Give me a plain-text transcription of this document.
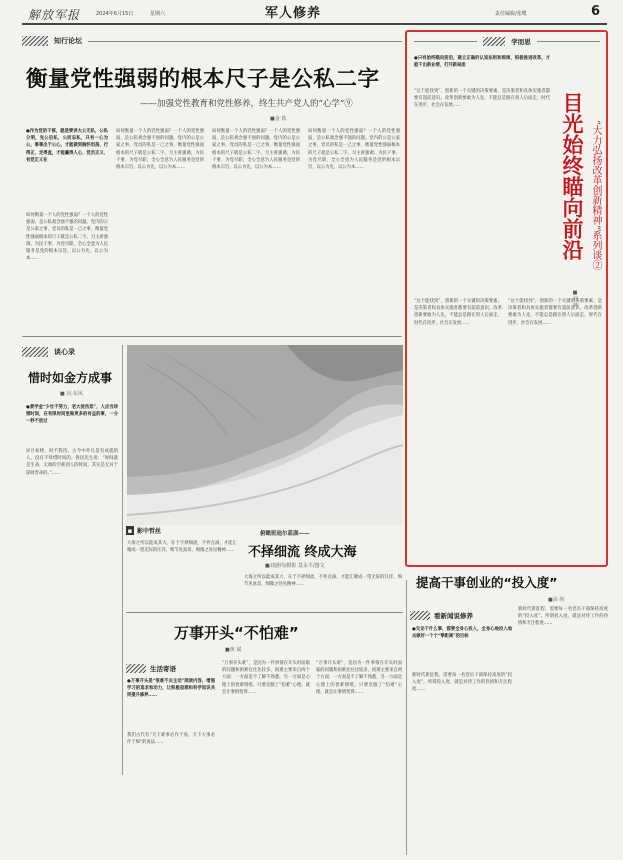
解放军报	2024年6月15日	星期六	军人修养	责任编辑/张鹭	6
知行论坛
衡量党性强弱的根本尺子是公私二字
——加强党性教育和党性修养，终生共产党人的“心学”⑨
■金 铁
●作为党的干部，就是要讲大公无私，公私分明，先公后私，公而忘私，只有一心为公，事事出于公心，才能做到胸怀坦荡、行得正、走得直，才能赢得人心、党员正义、有党正义在
如何衡量一个人的党性强弱？一个人的党性强弱，是公私观念强不强的问题。党内的公是公家之事，党员的私是一己之事，衡量党性强弱根本的尺子就是公私二字。习主席强调，为民干事、为党尽职，全心全意为人民服务是党的根本宗旨，以公为先、以公为本……
如何衡量一个人的党性强弱？一个人的党性强弱，是公私观念强不强的问题。党内的公是公家之事，党员的私是一己之事，衡量党性强弱根本的尺子就是公私二字。习主席强调，为民干事、为党尽职，全心全意为人民服务是党的根本宗旨，以公为先、以公为本……
如何衡量一个人的党性强弱？一个人的党性强弱，是公私观念强不强的问题。党内的公是公家之事，党员的私是一己之事，衡量党性强弱根本的尺子就是公私二字。习主席强调，为民干事、为党尽职，全心全意为人民服务是党的根本宗旨，以公为先、以公为本……
如何衡量一个人的党性强弱？一个人的党性强弱，是公私观念强不强的问题。党内的公是公家之事，党员的私是一己之事，衡量党性强弱根本的尺子就是公私二字。习主席强调，为民干事、为党尽职，全心全意为人民服务是党的根本宗旨，以公为先、以公为本……
谈心录
惜时如金方成事
■ 冯 东风
●黄学金“少壮不努力，老大徒伤悲”，人应当珍惜时间，在有限时间里做更多的有益的事，一分一秒不放过
岁月如梭，时不我待。古今中外凡是有成就的人，没有不珍惜时间的。鲁迅先生说：“时间就是生命，无端的空耗别人的时间，其实是无异于谋财害命的。”……
▪ 影中哲丝
大海之所以能成其大，在于不择细流，不弃点滴，才能汇聚成一望无际的汪洋。细节见真章，细微之处见精神……
俯瞰班迪尔蓝湖——
不择细流 终成大海
■刘港玛/摄影 莫永平/图文
大海之所以能成其大，在于不择细流，不弃点滴，才能汇聚成一望无际的汪洋。细节见真章，细微之处见精神……
万事开头“不怕难”
■黄 斌
生活寄语
●万事开头是“很难不去主动”阅读内容，增强学习的追求和动力，让积极思想和科学知识共同提升修养……
我们古代有“天下难事必作于易，天下大事必作于细”的说法……
“万事开头难”，是因为一件事情在开头时面临的问题和困难往往比较多，困难主要来自两个方面：一方面是不了解不熟悉，另一方面是心理上的畏难情绪。只要克服了“怕难”心理，就会让事情变得……
“万事开头难”，是因为一件事情在开头时面临的问题和困难往往比较多，困难主要来自两个方面：一方面是不了解不熟悉，另一方面是心理上的畏难情绪。只要克服了“怕难”心理，就会让事情变得……
学而思
●只有始终瞄向前沿，建立正确的认知法则和规律，积极推进改革，才能干出新业绩，打开新局面
“这个能找到”，创新的一个关键的决策要素，是决策者和具体实施者都要有超前意识。改革创新要敢为人先，不能总是跟在别人后面走，时代在进步，社会在发展……	目光始终瞄向前沿 “大力弘扬改革创新精神”系列谈②
■何 坤
“这个能找到”，创新的一个关键的决策要素，是决策者和具体实施者都要有超前意识。改革创新要敢为人先，不能总是跟在别人后面走，时代在进步，社会在发展……
“这个能找到”，创新的一个关键的决策要素，是决策者和具体实施者都要有超前意识。改革创新要敢为人先，不能总是跟在别人后面走，时代在进步，社会在发展……
提高干事创业的“投入度”
■高 尚
看新闻说修养
●无论干什么事，都要全身心投入，全身心地投入地去做好一个个“零距离”的目标
新时代新征程，需要每一名党员干部保持高度的“投入度”。所谓投入度，就是对待工作的热情和专注程度……
新时代新征程，需要每一名党员干部保持高度的“投入度”。所谓投入度，就是对待工作的热情和专注程度……
